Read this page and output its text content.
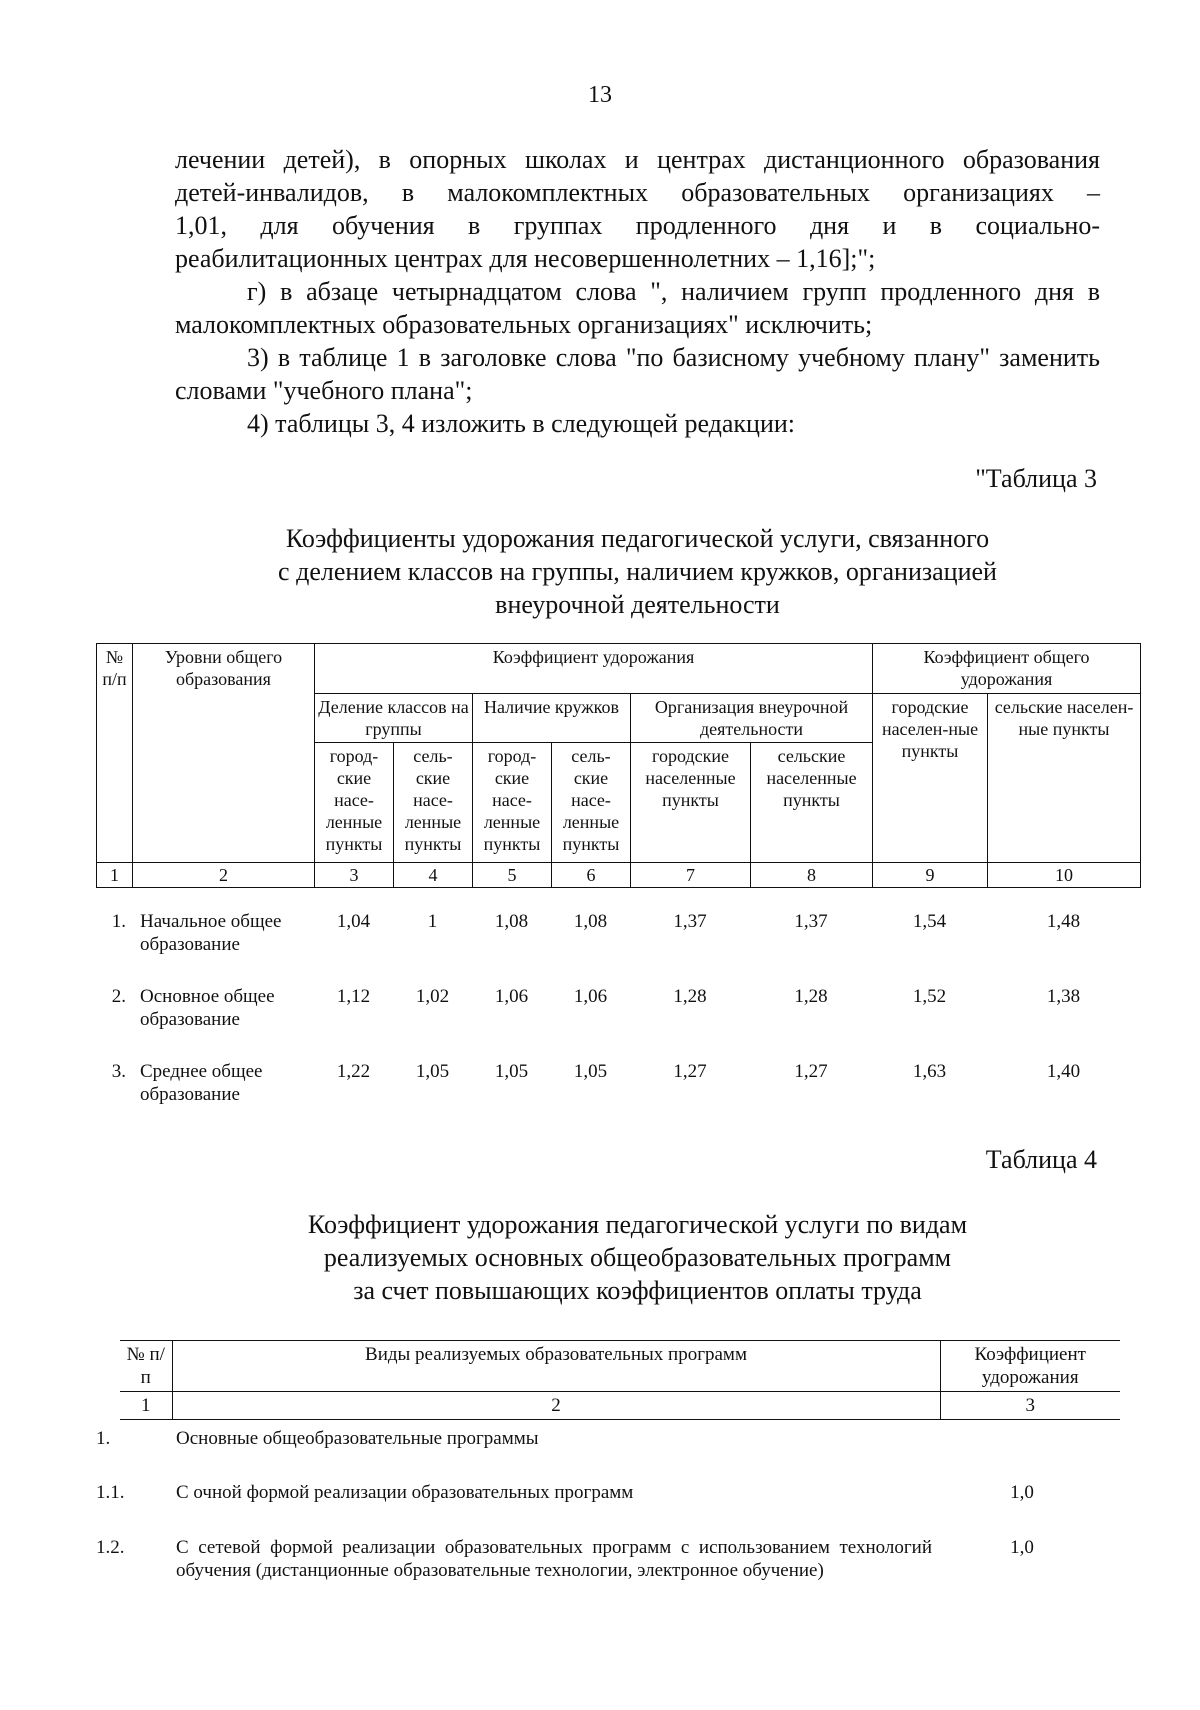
13

лечении детей), в опорных школах и центрах дистанционного образования

детей-инвалидов, в малокомплектных образовательных организациях –

1,01, для обучения в группах продленного дня и в социально-

реабилитационных центрах для несовершеннолетних – 1,16];";

г) в абзаце четырнадцатом слова ", наличием групп продленного дня в малокомплектных образовательных организациях" исключить;

3) в таблице 1 в заголовке слова "по базисному учебному плану" заменить словами "учебного плана";

4) таблицы 3, 4 изложить в следующей редакции:

"Таблица 3
Коэффициенты удорожания педагогической услуги, связанного
с делением классов на группы, наличием кружков, организацией
внеурочной деятельности
№ п/п	Уровни общего образования	Коэффициент удорожания						Коэффициент общего удорожания	
		Деление классов на группы		Наличие кружков		Организация внеурочной деятельности		городские населен-ные пункты	сельские населен-ные пункты
		город-ские насе-ленные пункты	сель-ские насе-ленные пункты	город-ские насе-ленные пункты	сель-ские насе-ленные пункты	городские населенные пункты	сельские населенные пункты		
1	2	3	4	5	6	7	8	9	10
1.	Начальное общее образование	1,04	1	1,08	1,08	1,37	1,37	1,54	1,48
2.	Основное общее образование	1,12	1,02	1,06	1,06	1,28	1,28	1,52	1,38
3.	Среднее общее образование	1,22	1,05	1,05	1,05	1,27	1,27	1,63	1,40
Таблица 4
Коэффициент удорожания педагогической услуги по видам
реализуемых основных общеобразовательных программ
за счет повышающих коэффициентов оплаты труда
№ п/п	Виды реализуемых образовательных программ	Коэффициент удорожания
1	2	3
1.	Основные общеобразовательные программы	
1.1.	С очной формой реализации образовательных программ	1,0
1.2.	С сетевой формой реализации образовательных программ с использованием технологий обучения (дистанционные образовательные технологии, электронное обучение)	1,0
